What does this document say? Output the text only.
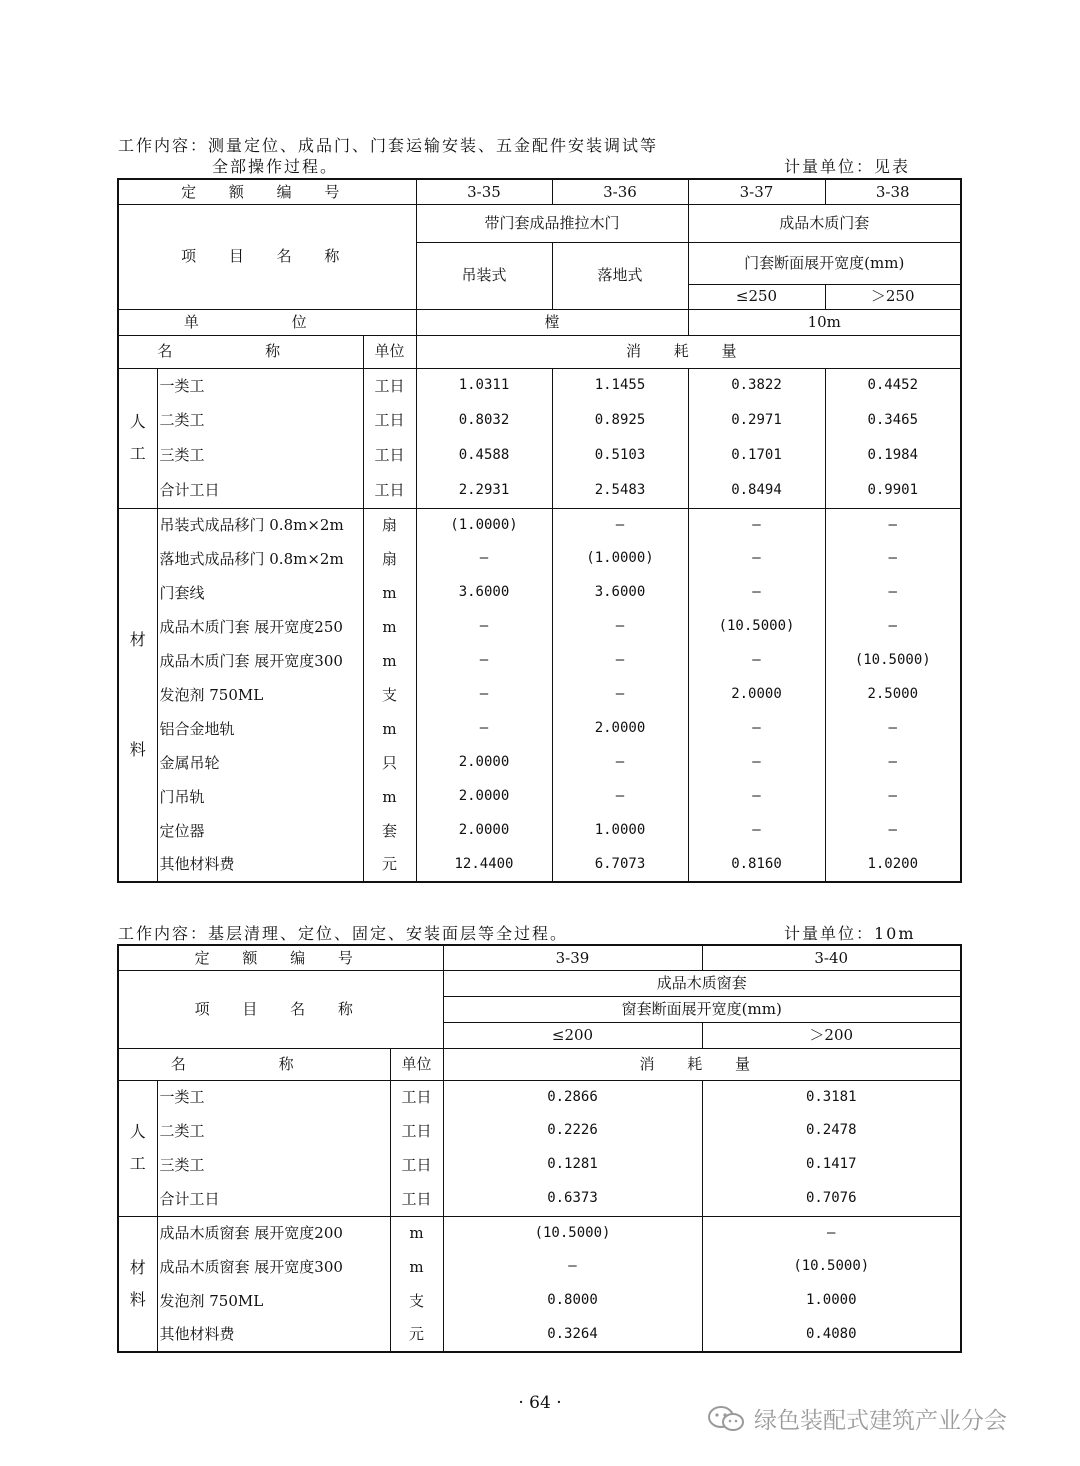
工作内容：测量定位、成品门、门套运输安装、五金配件安装调试等
全部操作过程。	计量单位：见表
定 额 编 号			3-35	3-36	3-37	3-38
项 目 名 称			带门套成品推拉木门		成品木质门套	
			吊装式	落地式	门套断面展开宽度(mm)	
					≤250	＞250
单 位			樘		10m	
名 称		单位	消 耗 量			

人
工	一类工	工日	1.0311	1.1455	0.3822	0.4452
	二类工	工日	0.8032	0.8925	0.2971	0.3465
	三类工	工日	0.4588	0.5103	0.1701	0.1984
	合计工日	工日	2.2931	2.5483	0.8494	0.9901

材
料	吊装式成品移门 0.8m×2m	扇	(1.0000)	—	—	—
	落地式成品移门 0.8m×2m	扇	—	(1.0000)	—	—
	门套线	m	3.6000	3.6000	—	—
	成品木质门套 展开宽度250	m	—	—	(10.5000)	—
	成品木质门套 展开宽度300	m	—	—	—	(10.5000)
	发泡剂 750ML	支	—	—	2.0000	2.5000
	铝合金地轨	m	—	2.0000	—	—
	金属吊轮	只	2.0000	—	—	—
	门吊轨	m	2.0000	—	—	—
	定位器	套	2.0000	1.0000	—	—
	其他材料费	元	12.4400	6.7073	0.8160	1.0200
工作内容：基层清理、定位、固定、安装面层等全过程。	计量单位：10m
定 额 编 号			3-39	3-40
项 目 名 称			成品木质窗套	
			窗套断面展开宽度(mm)	
			≤200	＞200
名 称		单位	消 耗 量	

人
工	一类工	工日	0.2866	0.3181
	二类工	工日	0.2226	0.2478
	三类工	工日	0.1281	0.1417
	合计工日	工日	0.6373	0.7076

材
料	成品木质窗套 展开宽度200	m	(10.5000)	—
	成品木质窗套 展开宽度300	m	—	(10.5000)
	发泡剂 750ML	支	0.8000	1.0000
	其他材料费	元	0.3264	0.4080
· 64 ·
绿色装配式建筑产业分会
